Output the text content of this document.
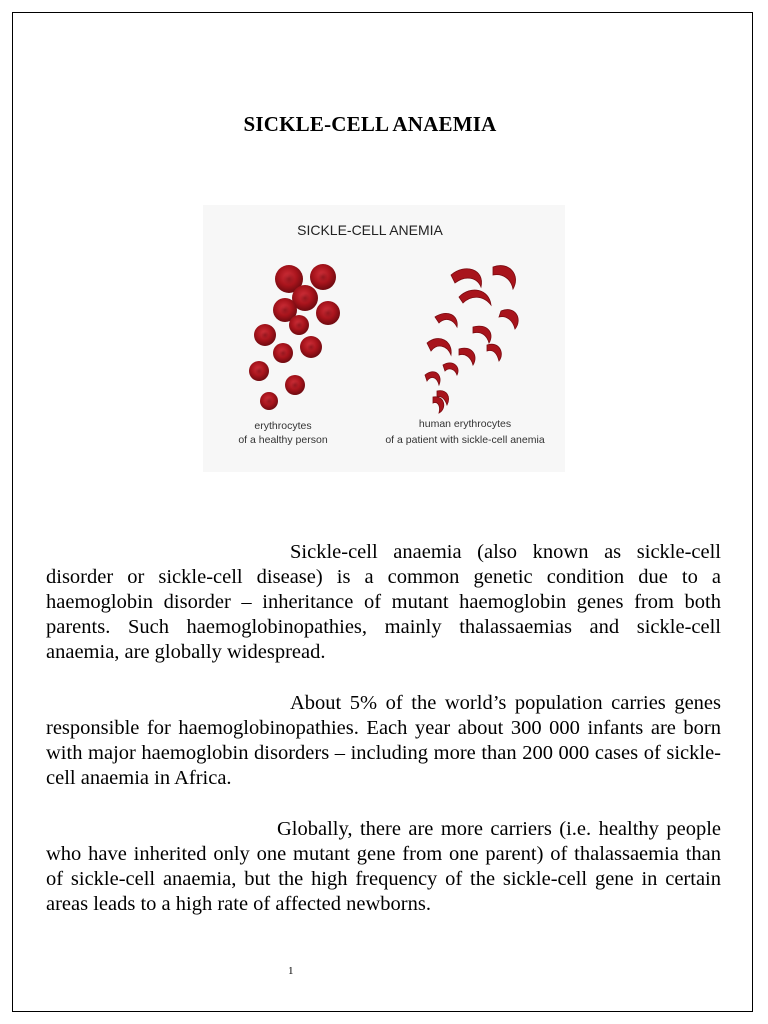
SICKLE-CELL ANAEMIA
SICKLE-CELL ANEMIA
erythrocytes
of a healthy person
human erythrocytes
of a patient with sickle-cell anemia

Sickle-cell anaemia (also known as sickle-cell disorder or sickle-cell disease) is a common genetic condition due to a haemoglobin disorder – inheritance of mutant haemoglobin genes from both parents. Such haemoglobinopathies, mainly thalassaemias and sickle-cell anaemia, are globally widespread.

About 5% of the world’s population carries genes responsible for haemoglobinopathies. Each year about 300 000 infants are born with major haemoglobin disorders – including more than 200 000 cases of sickle-cell anaemia in Africa.

Globally, there are more carriers (i.e. healthy people who have inherited only one mutant gene from one parent) of thalassaemia than of sickle-cell anaemia, but the high frequency of the sickle-cell gene in certain areas leads to a high rate of affected newborns.

1
